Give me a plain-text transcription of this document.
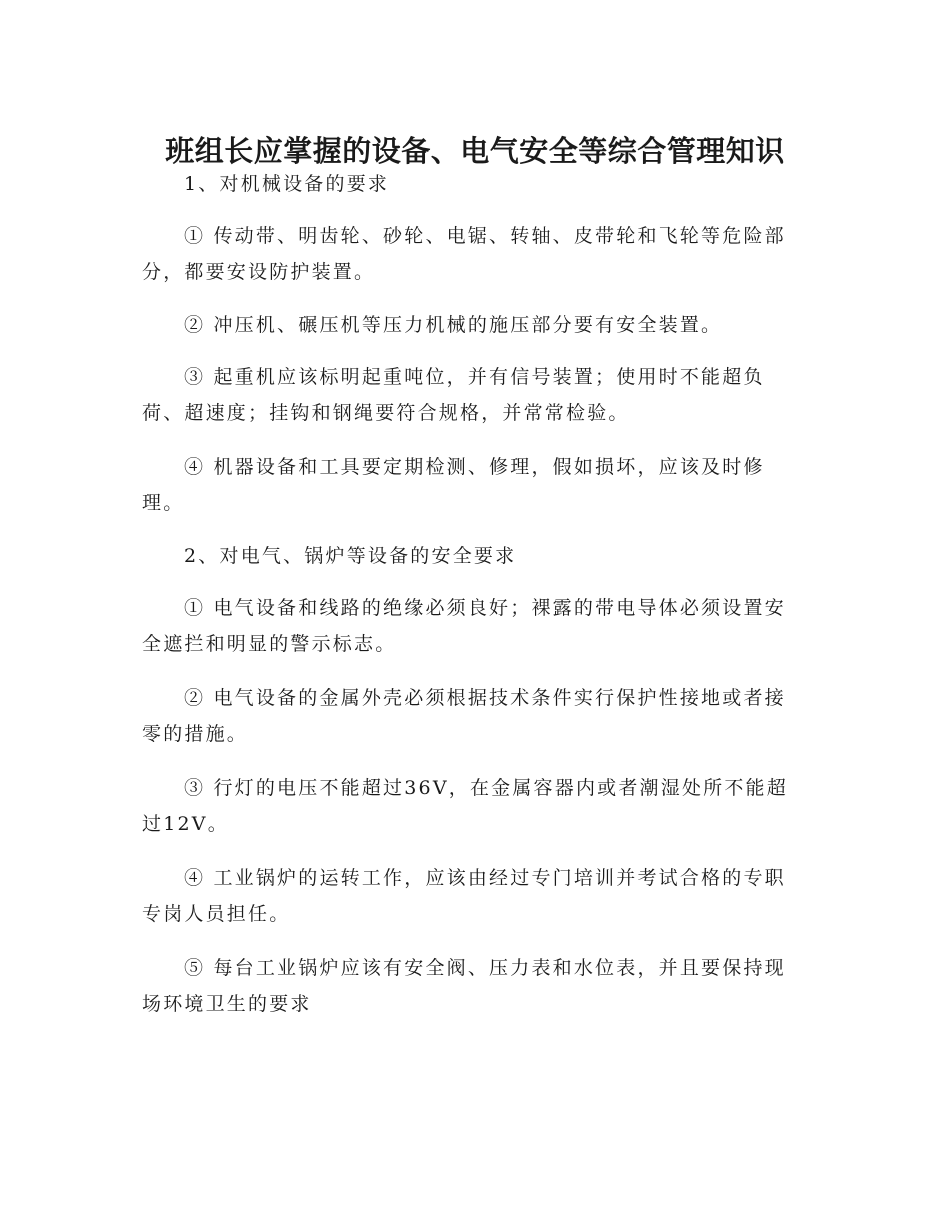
班组长应掌握的设备、电气安全等综合管理知识

1、对机械设备的要求

① 传动带、明齿轮、砂轮、电锯、转轴、皮带轮和飞轮等危险部分，都要安设防护装置。

② 冲压机、碾压机等压力机械的施压部分要有安全装置。

③ 起重机应该标明起重吨位，并有信号装置；使用时不能超负荷、超速度；挂钩和钢绳要符合规格，并常常检验。

④ 机器设备和工具要定期检测、修理，假如损坏，应该及时修理。

2、对电气、锅炉等设备的安全要求

① 电气设备和线路的绝缘必须良好；裸露的带电导体必须设置安全遮拦和明显的警示标志。

② 电气设备的金属外壳必须根据技术条件实行保护性接地或者接零的措施。

③ 行灯的电压不能超过36V，在金属容器内或者潮湿处所不能超过12V。

④ 工业锅炉的运转工作，应该由经过专门培训并考试合格的专职专岗人员担任。

⑤ 每台工业锅炉应该有安全阀、压力表和水位表，并且要保持现场环境卫生的要求
